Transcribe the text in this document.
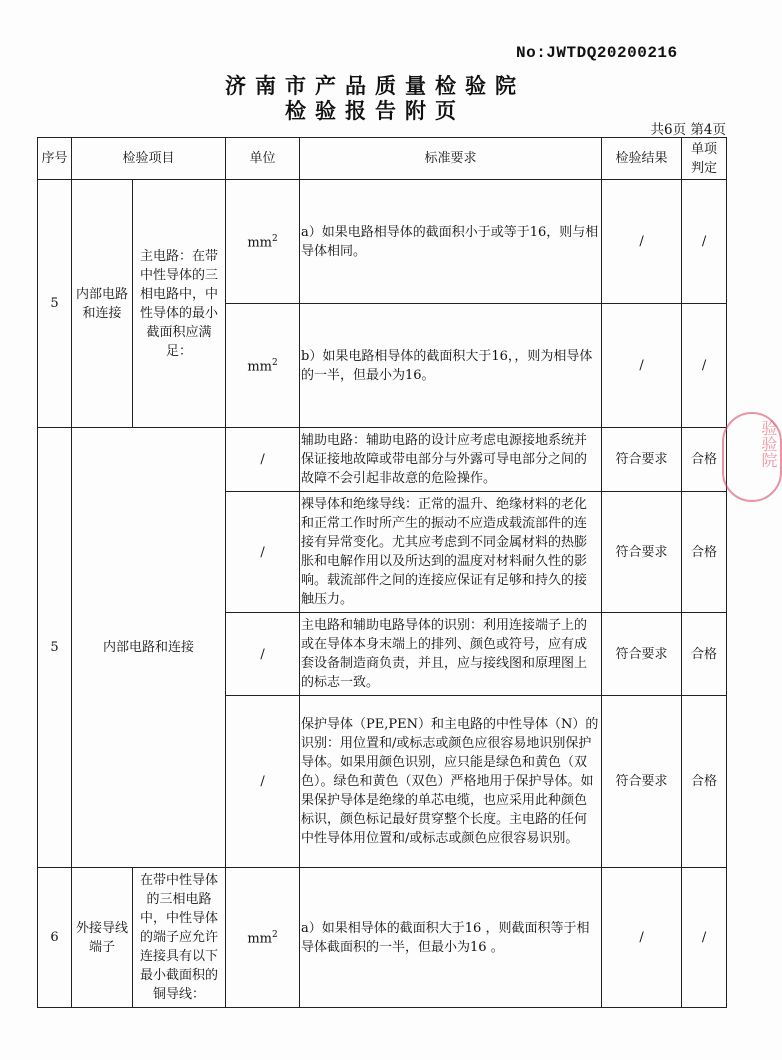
No:JWTDQ20200216
济南市产品质量检验院
检验报告附页
共6页 第4页
序号	检验项目		单位	标准要求	检验结果	单项判定
5	内部电路和连接	主电路：在带中性导体的三相电路中，中性导体的最小截面积应满足：	$mm^2$	a）如果电路相导体的截面积小于或等于16，则与相导体相同。	/	/
			$mm^2$	b）如果电路相导体的截面积大于16，，则为相导体的一半，但最小为16。	/	/
5	内部电路和连接		/	辅助电路：辅助电路的设计应考虑电源接地系统并保证接地故障或带电部分与外露可导电部分之间的故障不会引起非故意的危险操作。	符合要求	合格
			/	裸导体和绝缘导线：正常的温升、绝缘材料的老化和正常工作时所产生的振动不应造成载流部件的连接有异常变化。尤其应考虑到不同金属材料的热膨胀和电解作用以及所达到的温度对材料耐久性的影响。载流部件之间的连接应保证有足够和持久的接触压力。	符合要求	合格
			/	主电路和辅助电路导体的识别：利用连接端子上的或在导体本身末端上的排列、颜色或符号，应有成套设备制造商负责，并且，应与接线图和原理图上的标志一致。	符合要求	合格
			/	保护导体（PE,PEN）和主电路的中性导体（N）的识别：用位置和/或标志或颜色应很容易地识别保护导体。如果用颜色识别，应只能是绿色和黄色（双色）。绿色和黄色（双色）严格地用于保护导体。如果保护导体是绝缘的单芯电缆，也应采用此种颜色标识，颜色标记最好贯穿整个长度。主电路的任何中性导体用位置和/或标志或颜色应很容易识别。	符合要求	合格
6	外接导线端子	在带中性导体的三相电路中，中性导体的端子应允许连接具有以下最小截面积的铜导线：	$mm^2$	a）如果相导体的截面积大于16 ，则截面积等于相导体截面积的一半，但最小为16 。	/	/
验验院
